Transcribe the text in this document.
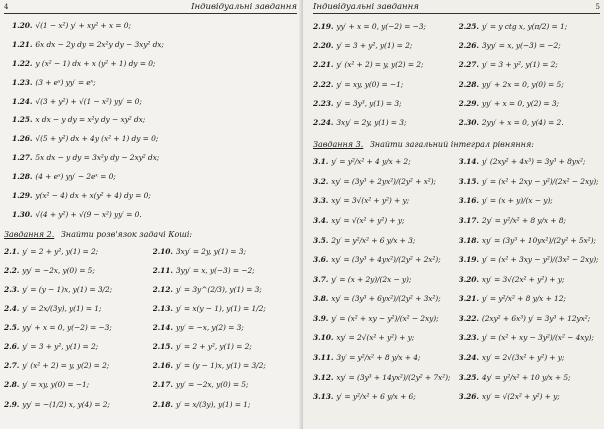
4	Індивідуальні завдання
1.20. √(1 − x²) y′ + xy² + x = 0;
1.21. 6x dx − 2y dy = 2x²y dy − 3xy² dx;
1.22. y (x² − 1) dx + x (y² + 1) dy = 0;
1.23. (3 + eˣ) yy′ = eˣ;
1.24. √(3 + y²) + √(1 − x²) yy′ = 0;
1.25. x dx − y dy = x²y dy − xy² dx;
1.26. √(5 + y²) dx + 4y (x² + 1) dy = 0;
1.27. 5x dx − y dy = 3x²y dy − 2xy² dx;
1.28. (4 + eˣ) yy′ − 2eˣ = 0;
1.29. y(x² − 4) dx + x(y² + 4) dy = 0;
1.30. √(4 + y²) + √(9 − x²) yy′ = 0.
Завдання 2. Знайти розв'язок задачі Коші:
2.1. y′ = 2 + y², y(1) = 2;	2.10. 3xy′ = 2y, y(1) = 3;
2.2. yy′ = −2x, y(0) = 5;	2.11. 3yy′ = x, y(−3) = −2;
2.3. y′ = (y − 1)x, y(1) = 3/2;	2.12. y′ = 3y^(2/3), y(1) = 3;
2.4. y′ = 2x/(3y), y(1) = 1;	2.13. y′ = x(y − 1), y(1) = 1/2;
2.5. yy′ + x = 0, y(−2) = −3;	2.14. yy′ = −x, y(2) = 3;
2.6. y′ = 3 + y², y(1) = 2;	2.15. y′ = 2 + y², y(1) = 2;
2.7. y′ (x² + 2) = y, y(2) = 2;	2.16. y′ = (y − 1)x, y(1) = 3/2;
2.8. y′ = xy, y(0) = −1;	2.17. yy′ = −2x, y(0) = 5;
2.9. yy′ = −(1/2) x, y(4) = 2;	2.18. y′ = x/(3y), y(1) = 1;
Індивідуальні завдання	5
2.19. yy′ + x = 0, y(−2) = −3;	2.25. y′ = y ctg x, y(π/2) = 1;
2.20. y′ = 3 + y², y(1) = 2;	2.26. 3yy′ = x, y(−3) = −2;
2.21. y′ (x² + 2) = y, y(2) = 2;	2.27. y′ = 3 + y², y(1) = 2;
2.22. y′ = xy, y(0) = −1;	2.28. yy′ + 2x = 0, y(0) = 5;
2.23. y′ = 3y³, y(1) = 3;	2.29. yy′ + x = 0, y(2) = 3;
2.24. 3xy′ = 2y, y(1) = 3;	2.30. 2yy′ + x = 0, y(4) = 2.
Завдання 3. Знайти загальний інтеграл рівняння:
3.1. y′ = y²/x² + 4 y/x + 2;	3.14. y′ (2xy² + 4x³) = 3y³ + 8yx²;
3.2. xy′ = (3y³ + 2yx²)/(2y² + x²);	3.15. y′ = (x² + 2xy − y²)/(2x² − 2xy);
3.3. xy′ = 3√(x² + y²) + y;	3.16. y′ = (x + y)/(x − y);
3.4. xy′ = √(x² + y²) + y;	3.17. 2y′ = y²/x² + 8 y/x + 8;
3.5. 2y′ = y²/x² + 6 y/x + 3;	3.18. xy′ = (3y³ + 10yx²)/(2y² + 5x²);
3.6. xy′ = (3y³ + 4yx²)/(2y² + 2x²);	3.19. y′ = (x² + 3xy − y²)/(3x² − 2xy);
3.7. y′ = (x + 2y)/(2x − y);	3.20. xy′ = 3√(2x² + y²) + y;
3.8. xy′ = (3y³ + 6yx²)/(2y² + 3x²);	3.21. y′ = y²/x² + 8 y/x + 12;
3.9. y′ = (x² + xy − y²)/(x² − 2xy);	3.22. (2xy² + 6x³) y′ = 3y³ + 12yx²;
3.10. xy′ = 2√(x² + y²) + y;	3.23. y′ = (x² + xy − 3y²)/(x² − 4xy);
3.11. 3y′ = y²/x² + 8 y/x + 4;	3.24. xy′ = 2√(3x² + y²) + y;
3.12. xy′ = (3y³ + 14yx²)/(2y² + 7x²);	3.25. 4y′ = y²/x² + 10 y/x + 5;
3.13. y′ = y²/x² + 6 y/x + 6;	3.26. xy′ = √(2x² + y²) + y;
